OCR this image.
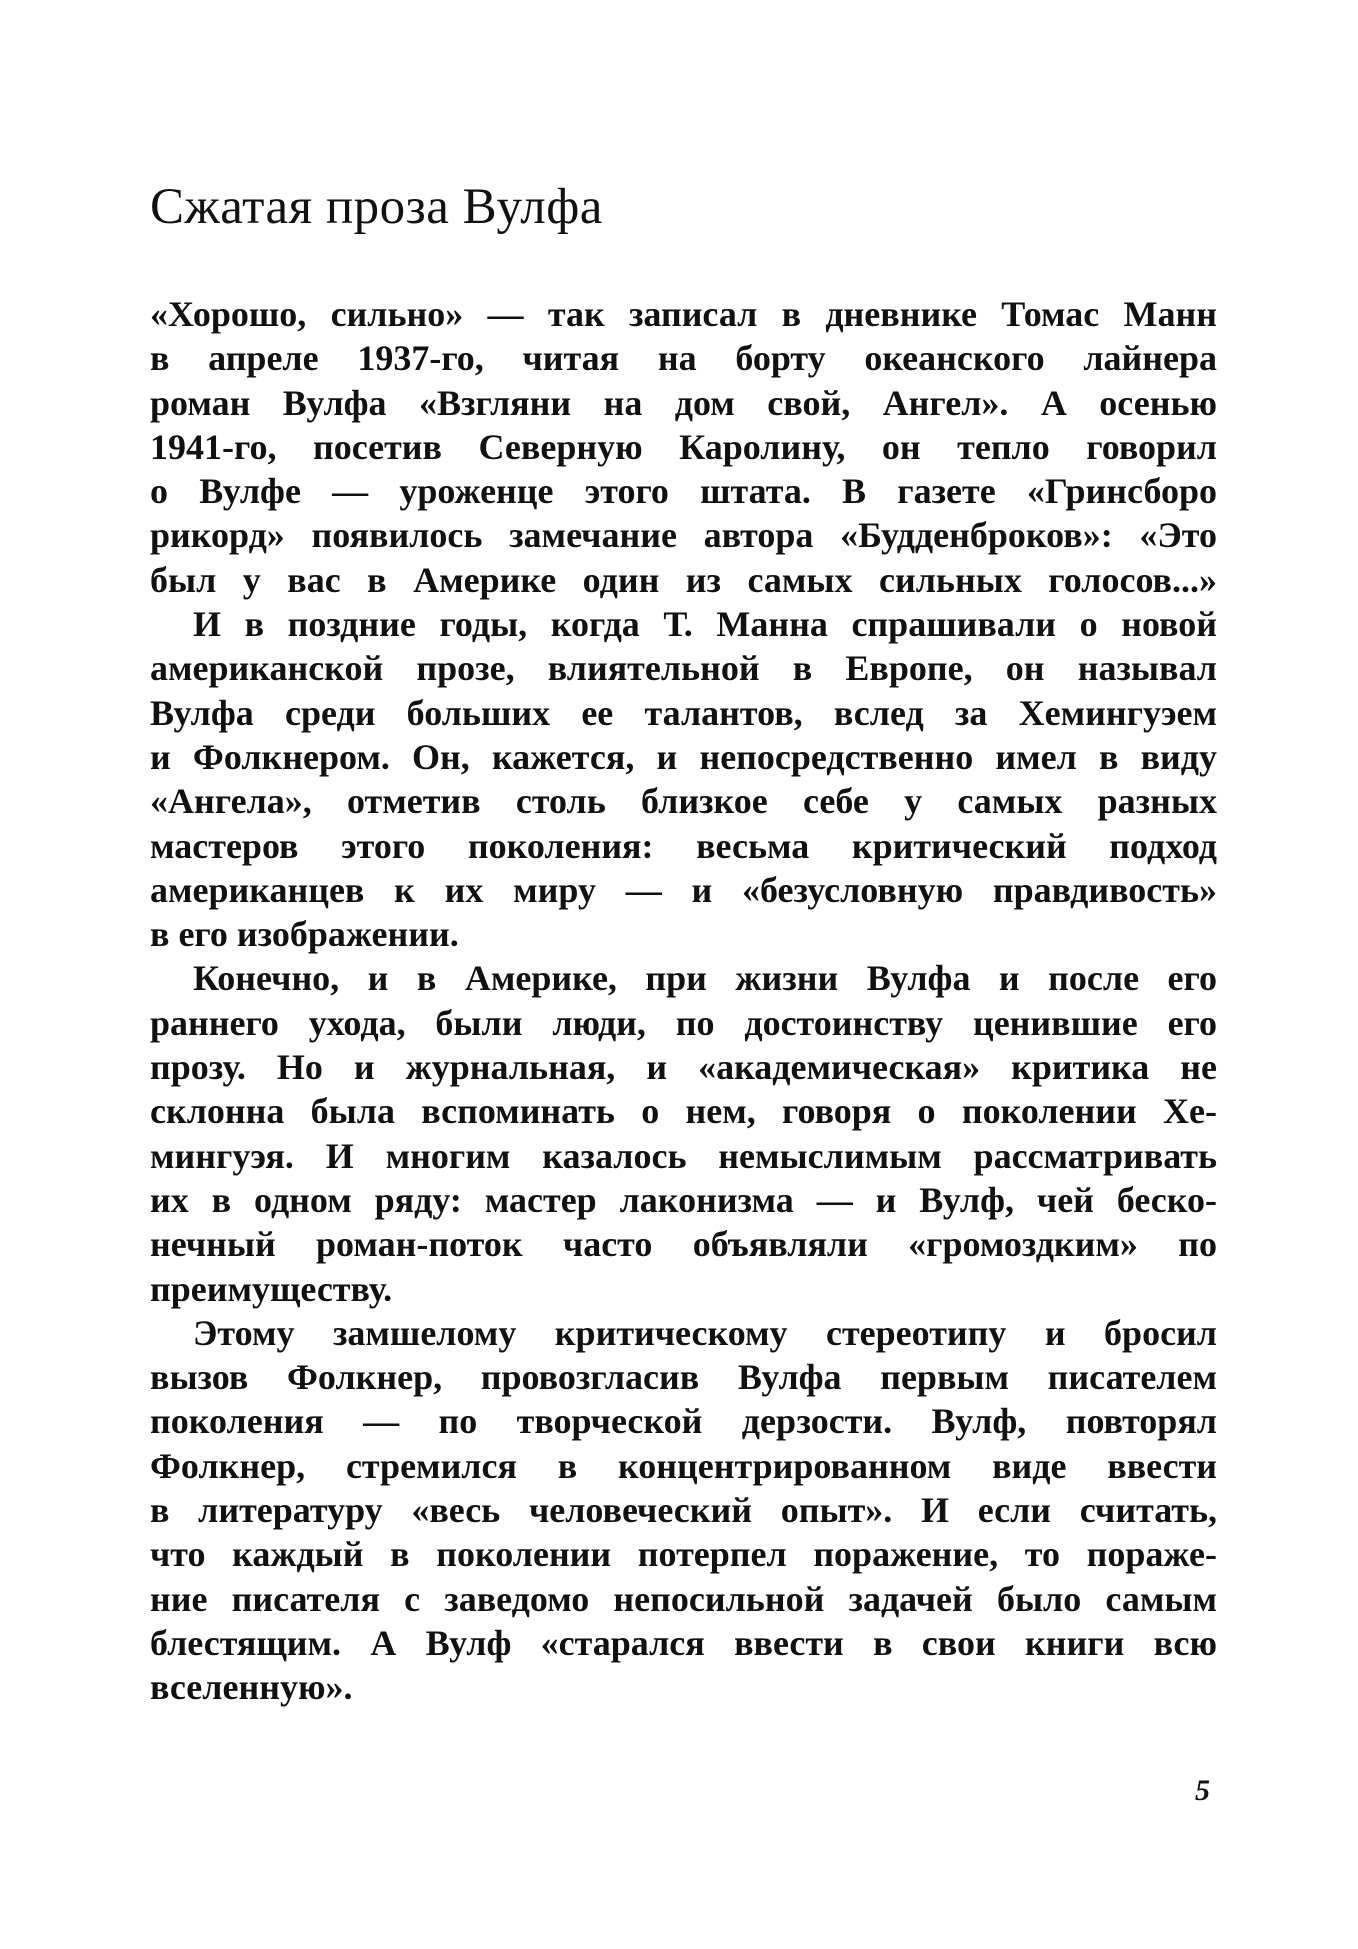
Сжатая проза Вулфа

«Хорошо, сильно» — так записал в дневнике Томас Манн
в апреле 1937-го, читая на борту океанского лайнера
роман Вулфа «Взгляни на дом свой, Ангел». А осенью
1941-го, посетив Северную Каролину, он тепло говорил
о Вулфе — уроженце этого штата. В газете «Гринсборо
рикорд» появилось замечание автора «Будденброков»: «Это
был у вас в Америке один из самых сильных голосов...»

И в поздние годы, когда Т. Манна спрашивали о новой
американской прозе, влиятельной в Европе, он называл
Вулфа среди больших ее талантов, вслед за Хемингуэем
и Фолкнером. Он, кажется, и непосредственно имел в виду
«Ангела», отметив столь близкое себе у самых разных
мастеров этого поколения: весьма критический подход
американцев к их миру — и «безусловную правдивость»
в его изображении.

Конечно, и в Америке, при жизни Вулфа и после его
раннего ухода, были люди, по достоинству ценившие его
прозу. Но и журнальная, и «академическая» критика не
склонна была вспоминать о нем, говоря о поколении Хе-
мингуэя. И многим казалось немыслимым рассматривать
их в одном ряду: мастер лаконизма — и Вулф, чей беско-
нечный роман-поток часто объявляли «громоздким» по
преимуществу.

Этому замшелому критическому стереотипу и бросил
вызов Фолкнер, провозгласив Вулфа первым писателем
поколения — по творческой дерзости. Вулф, повторял
Фолкнер, стремился в концентрированном виде ввести
в литературу «весь человеческий опыт». И если считать,
что каждый в поколении потерпел поражение, то пораже-
ние писателя с заведомо непосильной задачей было самым
блестящим. А Вулф «старался ввести в свои книги всю
вселенную».

5
